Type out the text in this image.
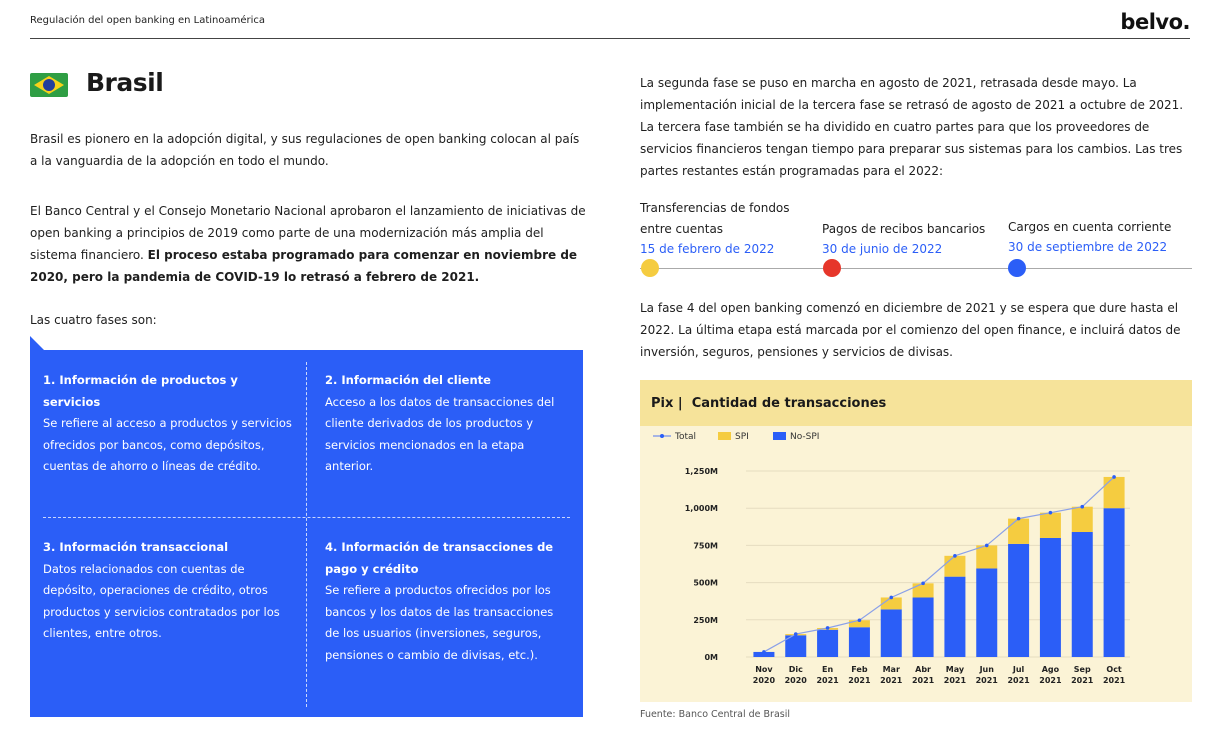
Regulación del open banking en Latinoamérica	belvo.
Brasil

Brasil es pionero en la adopción digital, y sus regulaciones de open banking colocan al país a la vanguardia de la adopción en todo el mundo.

El Banco Central y el Consejo Monetario Nacional aprobaron el lanzamiento de iniciativas de open banking a principios de 2019 como parte de una modernización más amplia del sistema financiero. El proceso estaba programado para comenzar en noviembre de 2020, pero la pandemia de COVID-19 lo retrasó a febrero de 2021.

Las cuatro fases son:

1. Información de productos y servicios
Se refiere al acceso a productos y servicios ofrecidos por bancos, como depósitos, cuentas de ahorro o líneas de crédito.
2. Información del cliente
Acceso a los datos de transacciones del cliente derivados de los productos y servicios mencionados en la etapa anterior.
3. Información transaccional
Datos relacionados con cuentas de depósito, operaciones de crédito, otros productos y servicios contratados por los clientes, entre otros.
4. Información de transacciones de pago y crédito
Se refiere a productos ofrecidos por los bancos y los datos de las transacciones de los usuarios (inversiones, seguros, pensiones o cambio de divisas, etc.).

La segunda fase se puso en marcha en agosto de 2021, retrasada desde mayo. La implementación inicial de la tercera fase se retrasó de agosto de 2021 a octubre de 2021. La tercera fase también se ha dividido en cuatro partes para que los proveedores de servicios financieros tengan tiempo para preparar sus sistemas para los cambios. Las tres partes restantes están programadas para el 2022:

Transferencias de fondos entre cuentas
15 de febrero de 2022
Pagos de recibos bancarios
30 de junio de 2022
Cargos en cuenta corriente
30 de septiembre de 2022

La fase 4 del open banking comenzó en diciembre de 2021 y se espera que dure hasta el 2022. La última etapa está marcada por el comienzo del open finance, e incluirá datos de inversión, seguros, pensiones y servicios de divisas.

Pix | Cantidad de transacciones
Total	SPI	No-SPI
0M
250M
500M
750M
1,000M
1,250M
Nov
2020
Dic
2020
En
2021
Feb
2021
Mar
2021
Abr
2021
May
2021
Jun
2021
Jul
2021
Ago
2021
Sep
2021
Oct
2021
Fuente: Banco Central de Brasil
